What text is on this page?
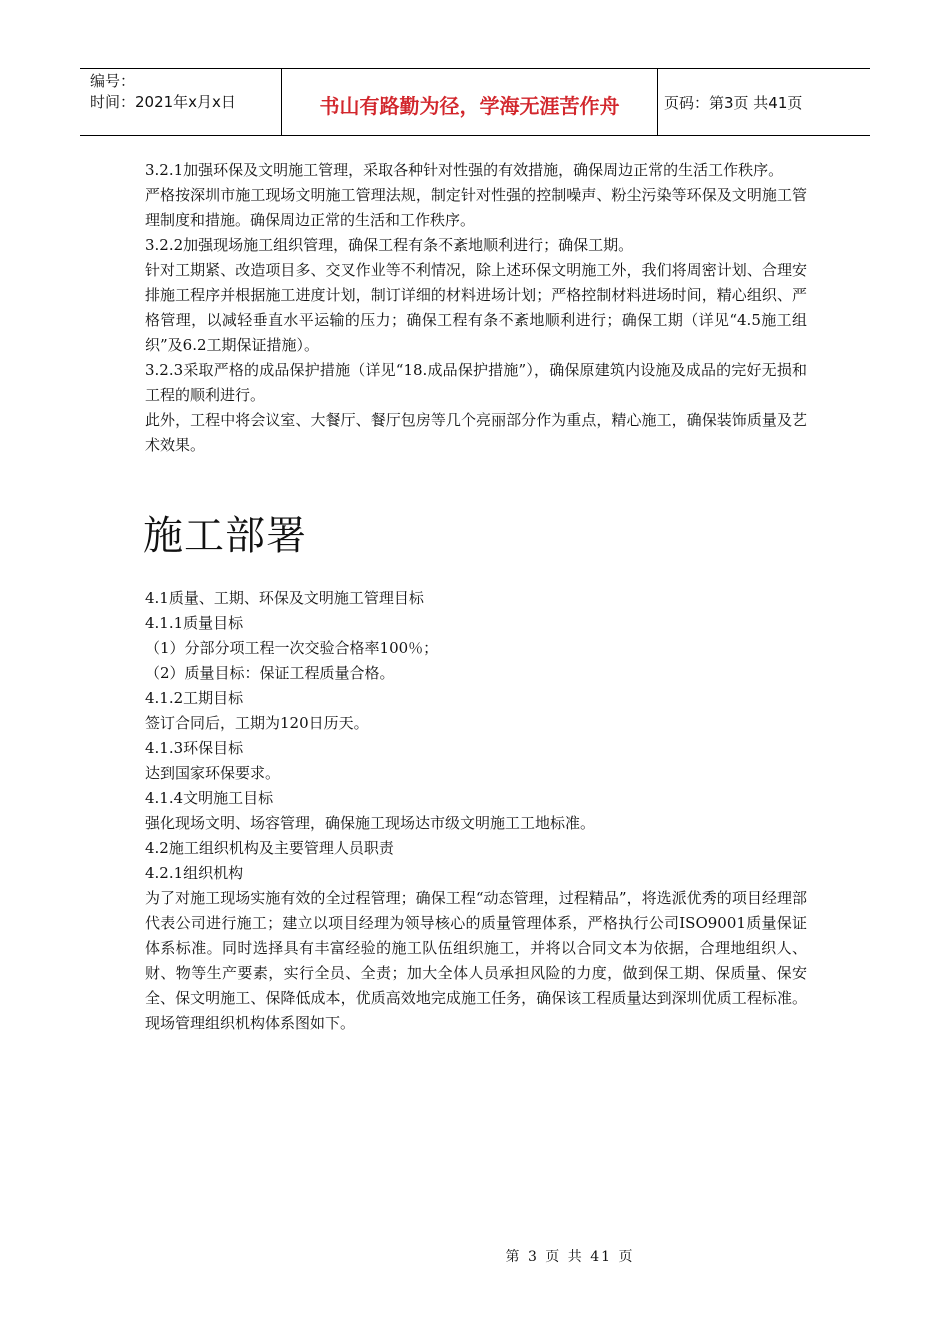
编号：
时间：2021年x月x日	书山有路勤为径，学海无涯苦作舟	页码：第3页 共41页

3.2.1加强环保及文明施工管理，采取各种针对性强的有效措施，确保周边正常的生活工作秩序。

严格按深圳市施工现场文明施工管理法规，制定针对性强的控制噪声、粉尘污染等环保及文明施工管理制度和措施。确保周边正常的生活和工作秩序。

3.2.2加强现场施工组织管理，确保工程有条不紊地顺利进行；确保工期。

针对工期紧、改造项目多、交叉作业等不利情况，除上述环保文明施工外，我们将周密计划、合理安排施工程序并根据施工进度计划，制订详细的材料进场计划；严格控制材料进场时间，精心组织、严格管理，以减轻垂直水平运输的压力；确保工程有条不紊地顺利进行；确保工期（详见“4.5施工组织”及6.2工期保证措施）。

3.2.3采取严格的成品保护措施（详见“18.成品保护措施”），确保原建筑内设施及成品的完好无损和工程的顺利进行。

此外，工程中将会议室、大餐厅、餐厅包房等几个亮丽部分作为重点，精心施工，确保装饰质量及艺术效果。

施工部署

4.1质量、工期、环保及文明施工管理目标

4.1.1质量目标

（1）分部分项工程一次交验合格率100％；

（2）质量目标：保证工程质量合格。

4.1.2工期目标

签订合同后，工期为120日历天。

4.1.3环保目标

达到国家环保要求。

4.1.4文明施工目标

强化现场文明、场容管理，确保施工现场达市级文明施工工地标准。

4.2施工组织机构及主要管理人员职责

4.2.1组织机构

为了对施工现场实施有效的全过程管理；确保工程“动态管理，过程精品”，将选派优秀的项目经理部代表公司进行施工；建立以项目经理为领导核心的质量管理体系，严格执行公司ISO9001质量保证体系标准。同时选择具有丰富经验的施工队伍组织施工，并将以合同文本为依据，合理地组织人、财、物等生产要素，实行全员、全责；加大全体人员承担风险的力度，做到保工期、保质量、保安全、保文明施工、保降低成本，优质高效地完成施工任务，确保该工程质量达到深圳优质工程标准。现场管理组织机构体系图如下。

第 3 页 共 41 页
